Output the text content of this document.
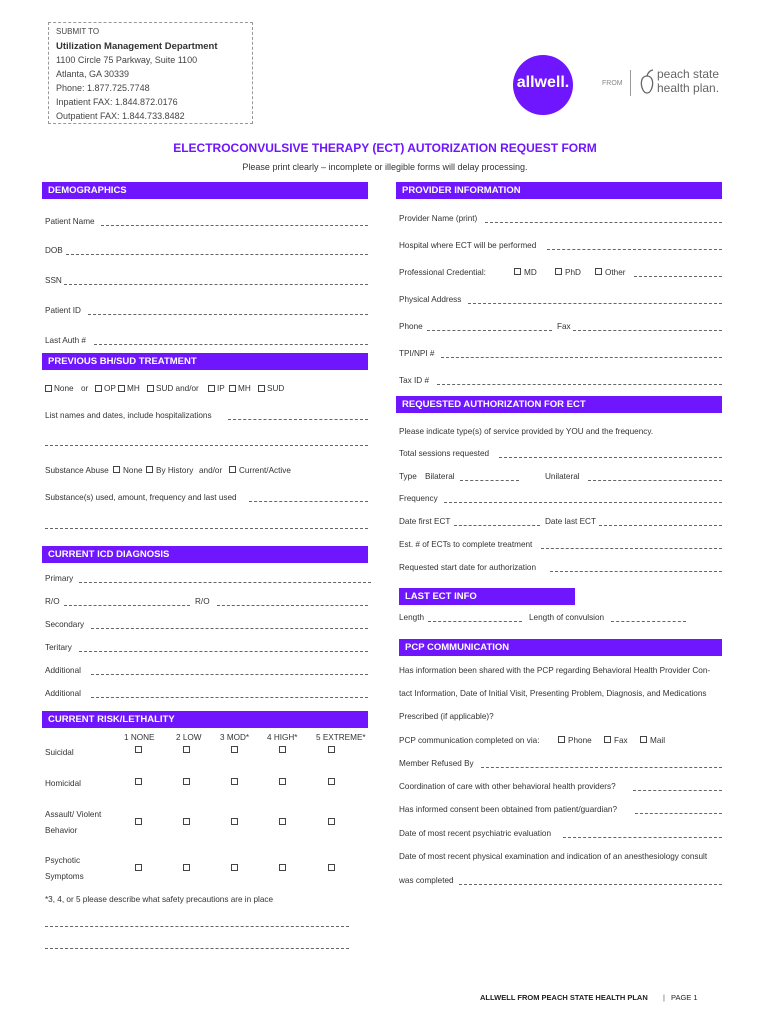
SUBMIT TO
Utilization Management Department
1100 Circle 75 Parkway, Suite 1100
Atlanta, GA 30339
Phone: 1.877.725.7748
Inpatient FAX: 1.844.872.0176
Outpatient FAX: 1.844.733.8482
allwell.	FROM
peach state
health plan.
ELECTROCONVULSIVE THERAPY (ECT) AUTORIZATION REQUEST FORM
Please print clearly – incomplete or illegible forms will delay processing.
DEMOGRAPHICS
Patient Name
DOB
SSN
Patient ID
Last Auth #
PREVIOUS BH/SUD TREATMENT
None or OP MH SUD and/or IP MH SUD
List names and dates, include hospitalizations
Substance Abuse None By History and/or Current/Active
Substance(s) used, amount, frequency and last used
CURRENT ICD DIAGNOSIS
Primary
R/O	R/O
Secondary
Teritary
Additional
Additional
CURRENT RISK/LETHALITY
1 NONE	2 LOW 3 MOD* 4 HIGH* 5 EXTREME*
Suicidal
Homicidal
Assault/ Violent
Behavior
Psychotic
Symptoms
*3, 4, or 5 please describe what safety precautions are in place
PROVIDER INFORMATION
Provider Name (print)
Hospital where ECT will be performed
Professional Credential:	MD	PhD	Other
Physical Address
Phone	Fax
TPI/NPI #
Tax ID #
REQUESTED AUTHORIZATION FOR ECT
Please indicate type(s) of service provided by YOU and the frequency.
Total sessions requested
Type Bilateral	Unilateral
Frequency
Date first ECT	Date last ECT
Est. # of ECTs to complete treatment
Requested start date for authorization
LAST ECT INFO
Length	Length of convulsion
PCP COMMUNICATION
Has information been shared with the PCP regarding Behavioral Health Provider Con-
tact Information, Date of Initial Visit, Presenting Problem, Diagnosis, and Medications
Prescribed (if applicable)?
PCP communication completed on via:	Phone	Fax	Mail
Member Refused By
Coordination of care with other behavioral health providers?
Has informed consent been obtained from patient/guardian?
Date of most recent psychiatric evaluation
Date of most recent physical examination and indication of an anesthesiology consult
was completed
ALLWELL FROM PEACH STATE HEALTH PLAN | PAGE 1
